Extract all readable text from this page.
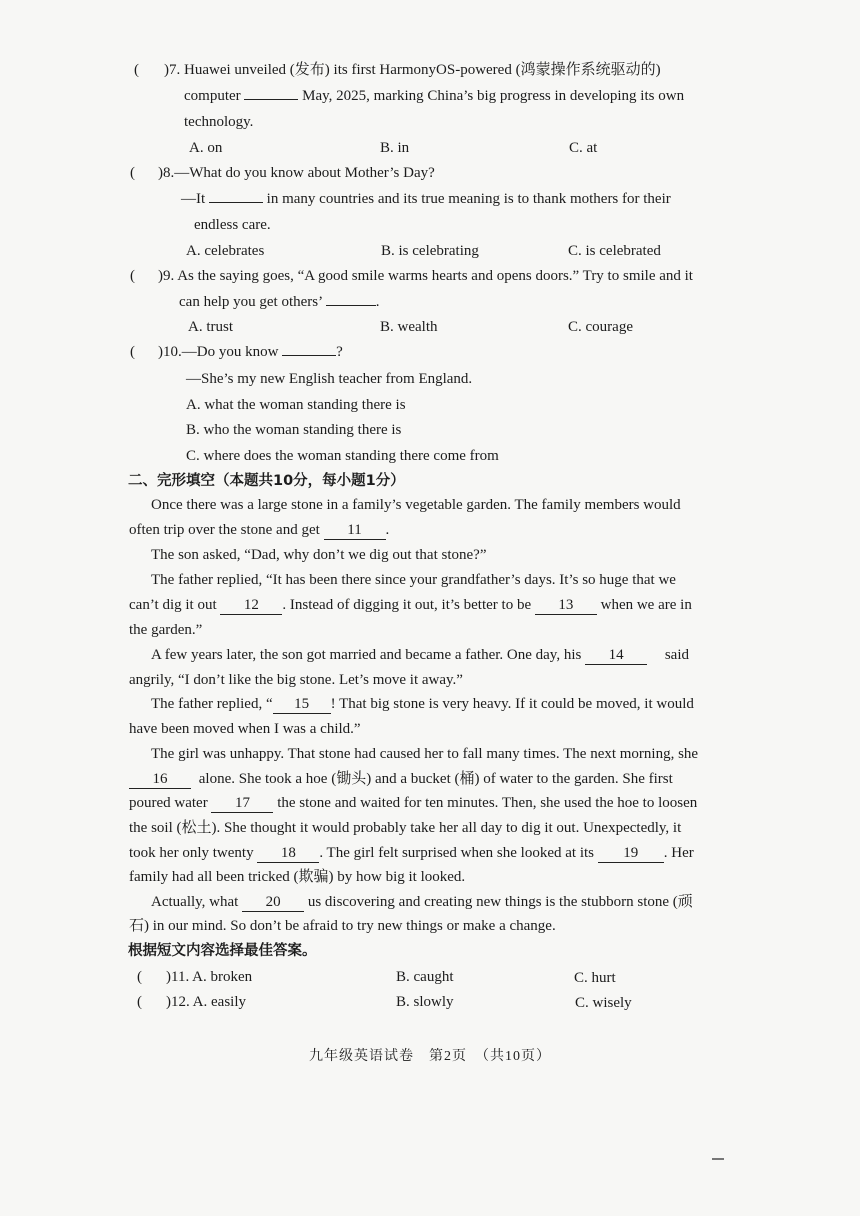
( )7. Huawei unveiled (发布) its first HarmonyOS-powered (鸿蒙操作系统驱动的)
computer	May, 2025, marking China’s big progress in developing its own
technology.
A. on	B. in	C. at
( )8.—What do you know about Mother’s Day?
—It	in many countries and its true meaning is to thank mothers for their
endless care.
A. celebrates	B. is celebrating	C. is celebrated
( )9. As the saying goes, “A good smile warms hearts and opens doors.” Try to smile and it
can help you get others’	.
A. trust	B. wealth	C. courage
( )10.—Do you know	?
—She’s my new English teacher from England.
A. what the woman standing there is
B. who the woman standing there is
C. where does the woman standing there come from
二、完形填空（本题共10分，每小题1分）
Once there was a large stone in a family’s vegetable garden. The family members would
often trip over the stone and get 11 .
The son asked, “Dad, why don’t we dig out that stone?”
The father replied, “It has been there since your grandfather’s days. It’s so huge that we
can’t dig it out 12 . Instead of digging it out, it’s better to be 13 when we are in
the garden.”
A few years later, the son got married and became a father. One day, his 14	said
angrily, “I don’t like the big stone. Let’s move it away.”
The father replied, “ 15 ! That big stone is very heavy. If it could be moved, it would
have been moved when I was a child.”
The girl was unhappy. That stone had caused her to fall many times. The next morning, she
16 alone. She took a hoe (锄头) and a bucket (桶) of water to the garden. She first
poured water 17 the stone and waited for ten minutes. Then, she used the hoe to loosen
the soil (松土). She thought it would probably take her all day to dig it out. Unexpectedly, it
took her only twenty 18 . The girl felt surprised when she looked at its 19 . Her
family had all been tricked (欺骗) by how big it looked.
Actually, what 20 us discovering and creating new things is the stubborn stone (顽
石) in our mind. So don’t be afraid to try new things or make a change.
根据短文内容选择最佳答案。
( )11. A. broken	B. caught	C. hurt
( )12. A. easily	B. slowly	C. wisely
九年级英语试卷　第2页　（共10页）
